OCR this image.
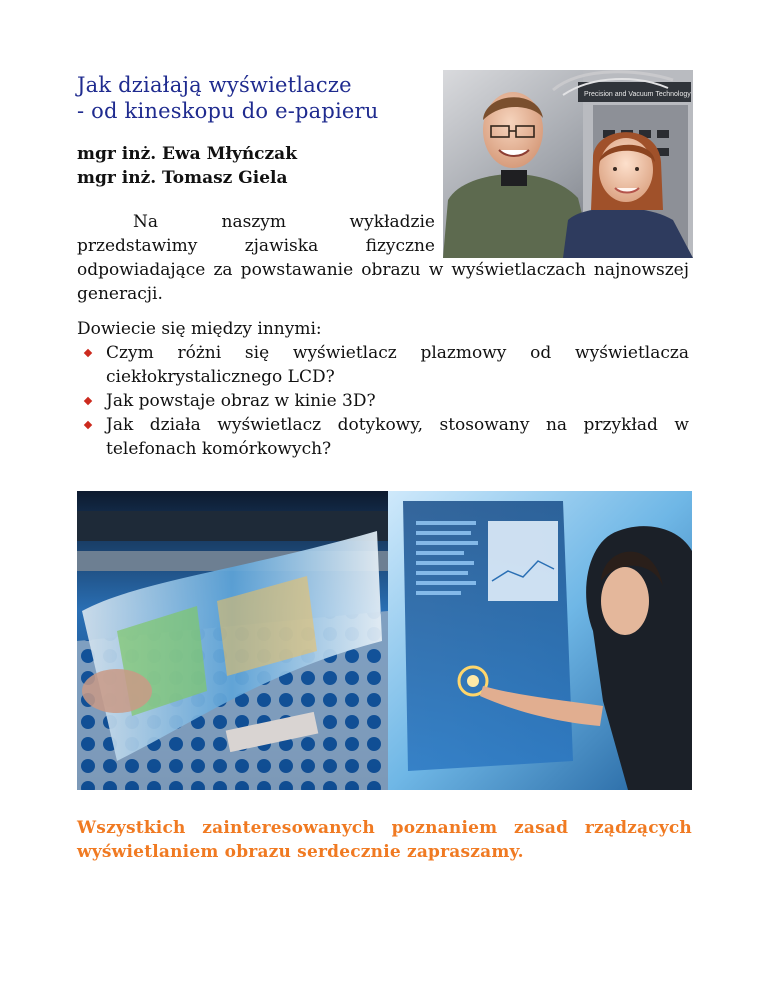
Jak działają wyświetlacze
- od kineskopu do e-papieru
mgr inż. Ewa Młyńczak
mgr inż. Tomasz Giela
Precision and Vacuum Technology
Na naszym wykładzie
przedstawimy zjawiska fizyczne
odpowiadające za powstawanie obrazu w wyświetlaczach najnowszej generacji.
Dowiecie się między innymi:
Czym różni się wyświetlacz plazmowy od wyświetlacza ciekłokrystalicznego LCD?
Jak powstaje obraz w kinie 3D?
Jak działa wyświetlacz dotykowy, stosowany na przykład w telefonach komórkowych?
Wszystkich zainteresowanych poznaniem zasad rządzących wyświetlaniem obrazu serdecznie zapraszamy.
